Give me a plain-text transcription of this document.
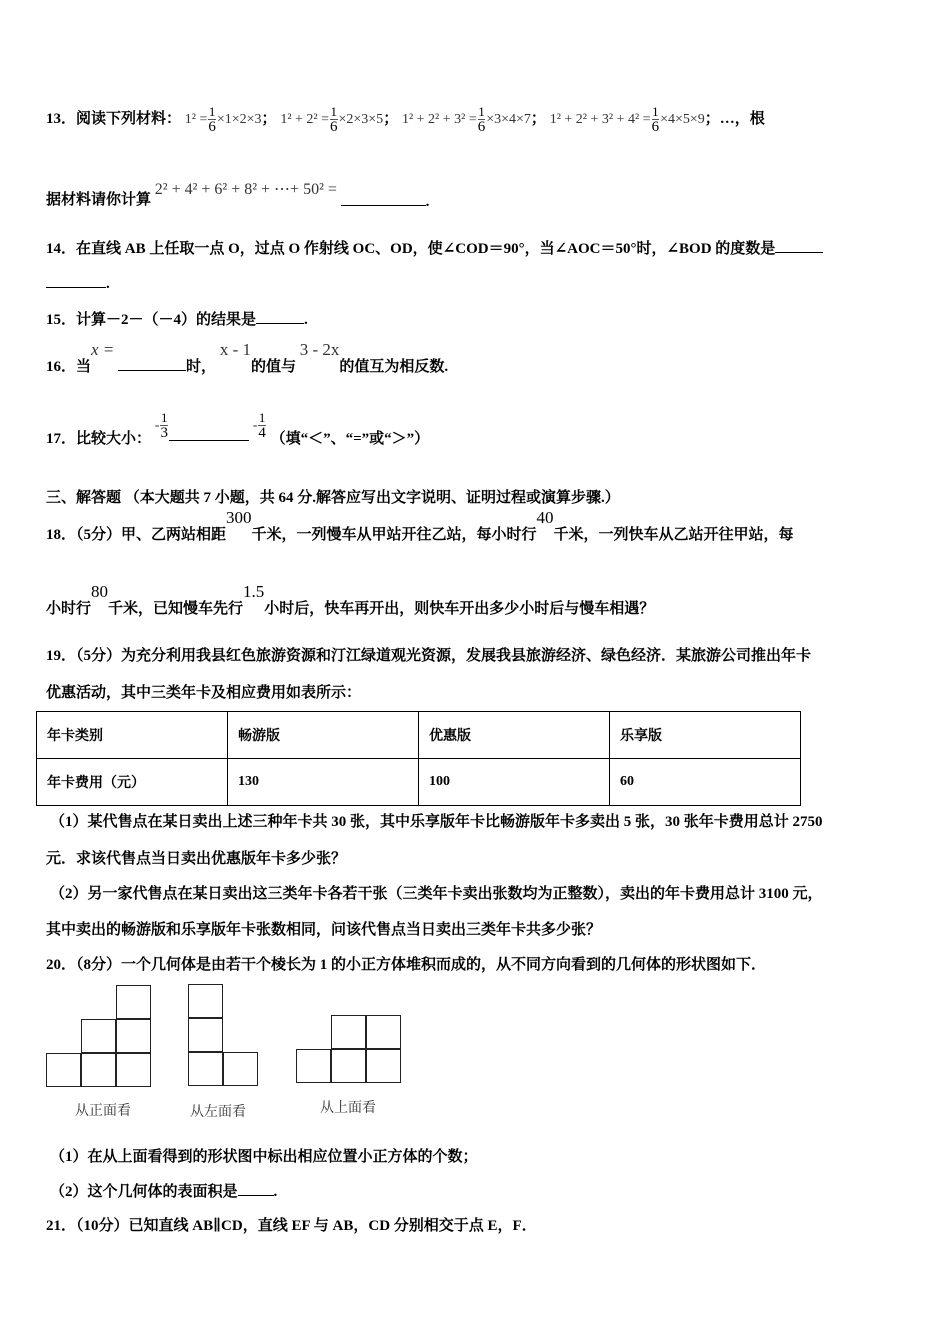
13．阅读下列材料： $1^2 = \frac{1}{6} \times 1\times 2\times 3$； $1^2 + 2^2 = \frac{1}{6} \times 2\times 3\times 5$； $1^2 + 2^2 + 3^2 = \frac{1}{6} \times 3\times 4\times 7$； $1^2 + 2^2 + 3^2 + 4^2 = \frac{1}{6} \times 4\times 5\times 9$；…，根
据材料请你计算 2² + 4² + 6² + 8² + ⋯+ 50² = .
14．在直线 AB 上任取一点 O，过点 O 作射线 OC、OD，使∠COD＝90°，当∠AOC＝50°时，∠BOD 的度数是
.
15．计算－2－（－4）的结果是	.
16．当x = 时， x - 1的值与 3 - 2x的值互为相反数.
17．比较大小： - $\frac{1}{3}$	- $\frac{1}{4}$ （填“＜”、“=”或“＞”）
三、解答题 （本大题共 7 小题，共 64 分.解答应写出文字说明、证明过程或演算步骤.）
18．（5分）甲、乙两站相距300千米，一列慢车从甲站开往乙站，每小时行40千米，一列快车从乙站开往甲站，每
小时行80千米，已知慢车先行1.5小时后，快车再开出，则快车开出多少小时后与慢车相遇？
19．（5分）为充分利用我县红色旅游资源和汀江绿道观光资源，发展我县旅游经济、绿色经济．某旅游公司推出年卡
优惠活动，其中三类年卡及相应费用如表所示：
年卡类别	畅游版	优惠版	乐享版
年卡费用（元）	130	100	60
（1）某代售点在某日卖出上述三种年卡共 30 张，其中乐享版年卡比畅游版年卡多卖出 5 张，30 张年卡费用总计 2750
元．求该代售点当日卖出优惠版年卡多少张？
（2）另一家代售点在某日卖出这三类年卡各若干张（三类年卡卖出张数均为正整数），卖出的年卡费用总计 3100 元，
其中卖出的畅游版和乐享版年卡张数相同，问该代售点当日卖出三类年卡共多少张？
20．（8分）一个几何体是由若干个棱长为 1 的小正方体堆积而成的，从不同方向看到的几何体的形状图如下．
从正面看	从左面看	从上面看
（1）在从上面看得到的形状图中标出相应位置小正方体的个数；
（2）这个几何体的表面积是 .
21．（10分）已知直线 AB∥CD，直线 EF 与 AB，CD 分别相交于点 E，F．
